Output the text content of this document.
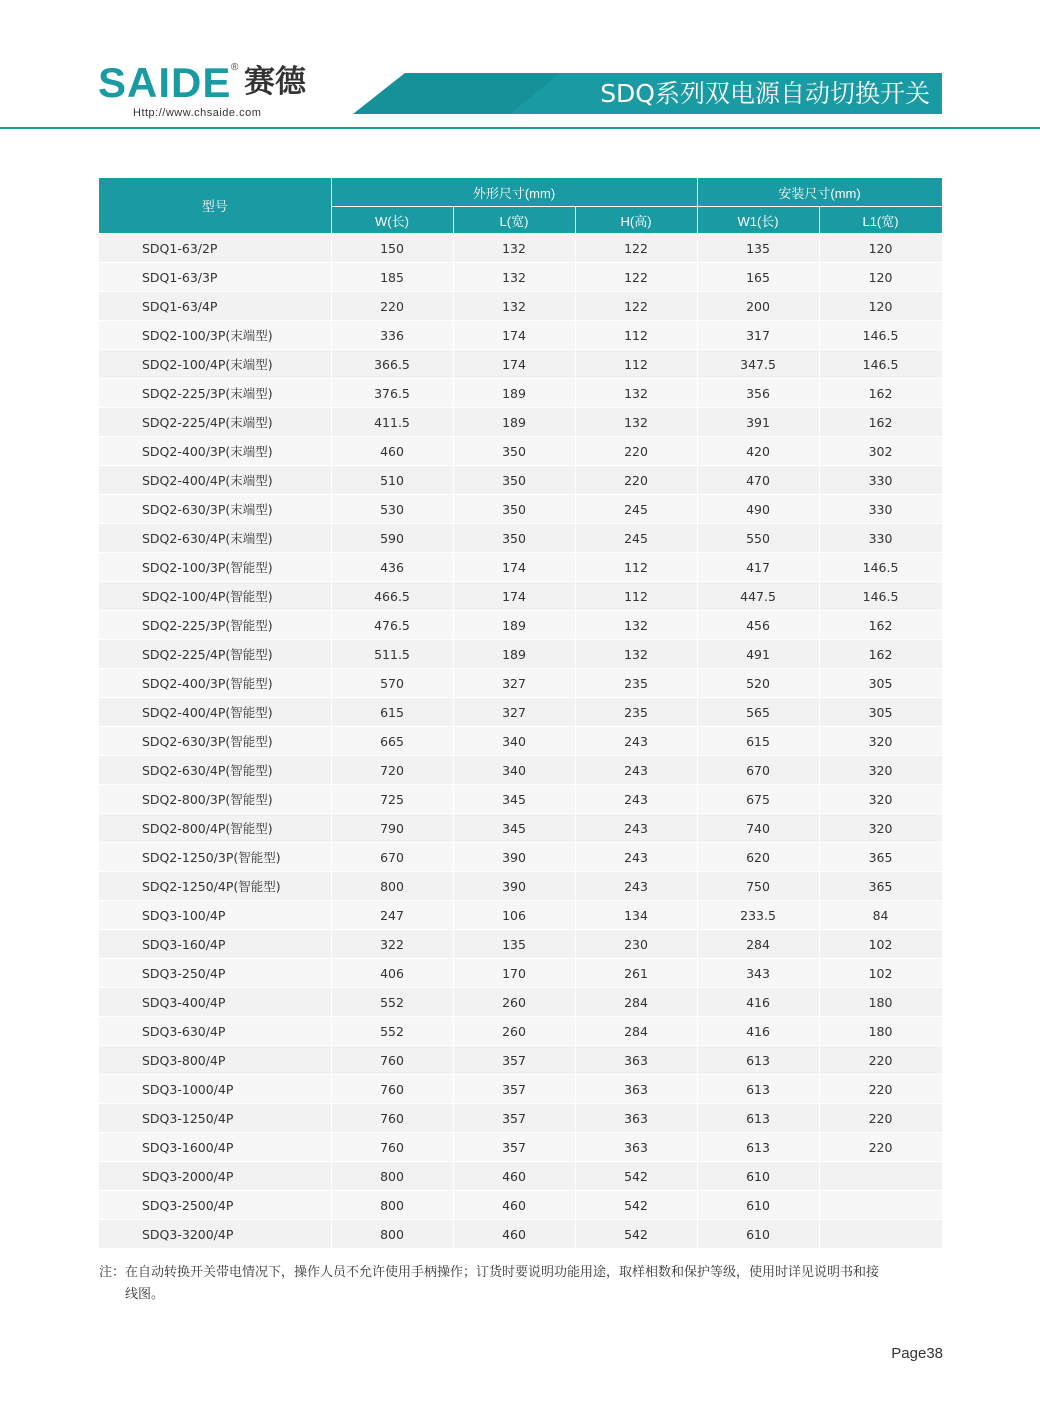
SAIDE ® 赛德
Http://www.chsaide.com
SDQ系列双电源自动切换开关
型号	外形尺寸(mm)			安装尺寸(mm)	
	W(长)	L(宽)	H(高)	W1(长)	L1(宽)
SDQ1-63/2P	150	132	122	135	120
SDQ1-63/3P	185	132	122	165	120
SDQ1-63/4P	220	132	122	200	120
SDQ2-100/3P(末端型)	336	174	112	317	146.5
SDQ2-100/4P(末端型)	366.5	174	112	347.5	146.5
SDQ2-225/3P(末端型)	376.5	189	132	356	162
SDQ2-225/4P(末端型)	411.5	189	132	391	162
SDQ2-400/3P(末端型)	460	350	220	420	302
SDQ2-400/4P(末端型)	510	350	220	470	330
SDQ2-630/3P(末端型)	530	350	245	490	330
SDQ2-630/4P(末端型)	590	350	245	550	330
SDQ2-100/3P(智能型)	436	174	112	417	146.5
SDQ2-100/4P(智能型)	466.5	174	112	447.5	146.5
SDQ2-225/3P(智能型)	476.5	189	132	456	162
SDQ2-225/4P(智能型)	511.5	189	132	491	162
SDQ2-400/3P(智能型)	570	327	235	520	305
SDQ2-400/4P(智能型)	615	327	235	565	305
SDQ2-630/3P(智能型)	665	340	243	615	320
SDQ2-630/4P(智能型)	720	340	243	670	320
SDQ2-800/3P(智能型)	725	345	243	675	320
SDQ2-800/4P(智能型)	790	345	243	740	320
SDQ2-1250/3P(智能型)	670	390	243	620	365
SDQ2-1250/4P(智能型)	800	390	243	750	365
SDQ3-100/4P	247	106	134	233.5	84
SDQ3-160/4P	322	135	230	284	102
SDQ3-250/4P	406	170	261	343	102
SDQ3-400/4P	552	260	284	416	180
SDQ3-630/4P	552	260	284	416	180
SDQ3-800/4P	760	357	363	613	220
SDQ3-1000/4P	760	357	363	613	220
SDQ3-1250/4P	760	357	363	613	220
SDQ3-1600/4P	760	357	363	613	220
SDQ3-2000/4P	800	460	542	610	
SDQ3-2500/4P	800	460	542	610	
SDQ3-3200/4P	800	460	542	610	
注：在自动转换开关带电情况下，操作人员不允许使用手柄操作；订货时要说明功能用途，取样相数和保护等级，使用时详见说明书和接
线图。
Page38
